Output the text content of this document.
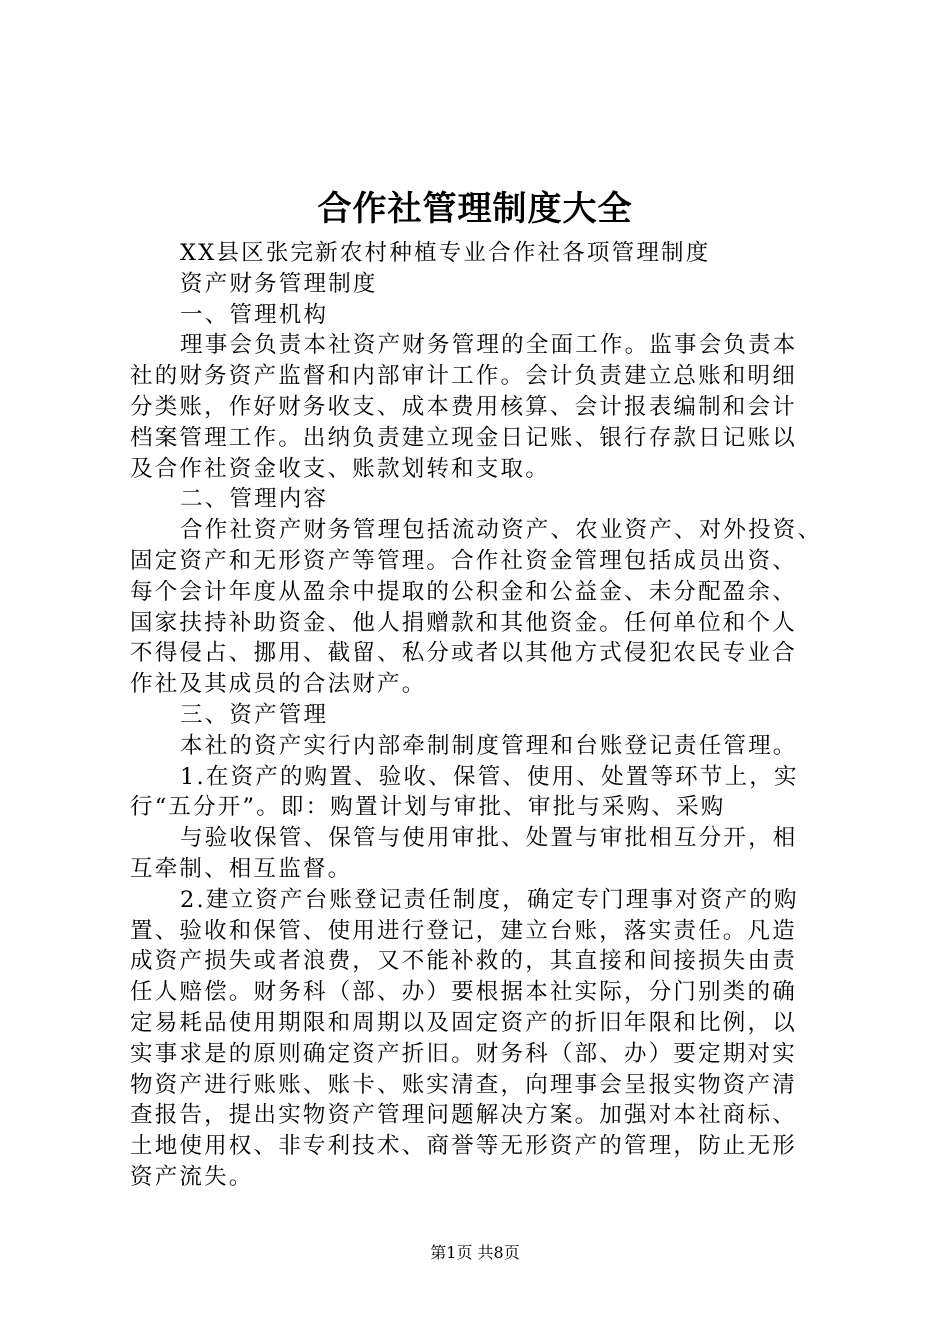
合作社管理制度大全
XX县区张完新农村种植专业合作社各项管理制度
资产财务管理制度
一、管理机构
理事会负责本社资产财务管理的全面工作。监事会负责本
社的财务资产监督和内部审计工作。会计负责建立总账和明细
分类账，作好财务收支、成本费用核算、会计报表编制和会计
档案管理工作。出纳负责建立现金日记账、银行存款日记账以
及合作社资金收支、账款划转和支取。
二、管理内容
合作社资产财务管理包括流动资产、农业资产、对外投资、
固定资产和无形资产等管理。合作社资金管理包括成员出资、
每个会计年度从盈余中提取的公积金和公益金、未分配盈余、
国家扶持补助资金、他人捐赠款和其他资金。任何单位和个人
不得侵占、挪用、截留、私分或者以其他方式侵犯农民专业合
作社及其成员的合法财产。
三、资产管理
本社的资产实行内部牵制制度管理和台账登记责任管理。
1.在资产的购置、验收、保管、使用、处置等环节上，实
行“五分开”。即：购置计划与审批、审批与采购、采购
与验收保管、保管与使用审批、处置与审批相互分开，相
互牵制、相互监督。
2.建立资产台账登记责任制度，确定专门理事对资产的购
置、验收和保管、使用进行登记，建立台账，落实责任。凡造
成资产损失或者浪费，又不能补救的，其直接和间接损失由责
任人赔偿。财务科（部、办）要根据本社实际，分门别类的确
定易耗品使用期限和周期以及固定资产的折旧年限和比例，以
实事求是的原则确定资产折旧。财务科（部、办）要定期对实
物资产进行账账、账卡、账实清查，向理事会呈报实物资产清
查报告，提出实物资产管理问题解决方案。加强对本社商标、
土地使用权、非专利技术、商誉等无形资产的管理，防止无形
资产流失。
第1页 共8页
